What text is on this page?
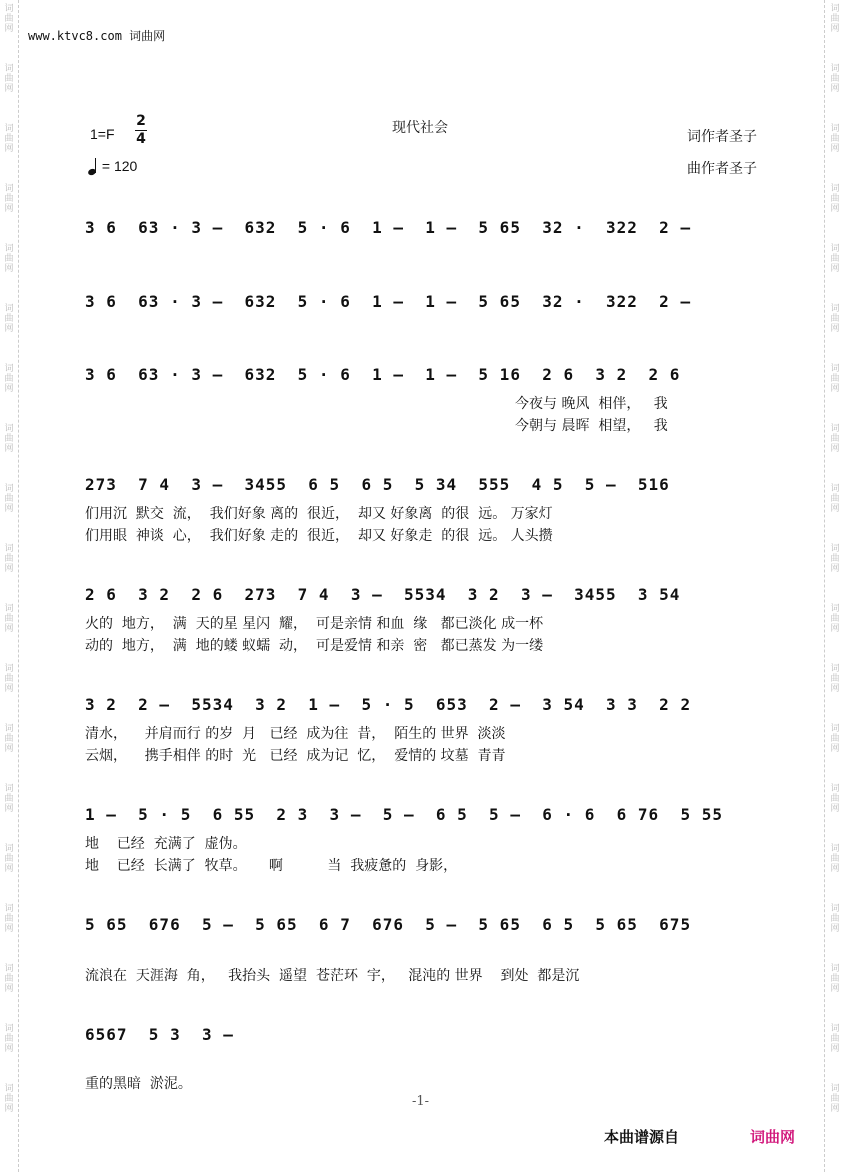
词
曲
网
词
曲
网
词
曲
网
词
曲
网
词
曲
网
词
曲
网
词
曲
网
词
曲
网
词
曲
网
词
曲
网
词
曲
网
词
曲
网
词
曲
网
词
曲
网
词
曲
网
词
曲
网
词
曲
网
词
曲
网
词
曲
网
词
曲
网
词
曲
网
词
曲
网
词
曲
网
词
曲
网
词
曲
网
词
曲
网
词
曲
网
词
曲
网
词
曲
网
词
曲
网
词
曲
网
词
曲
网
词
曲
网
词
曲
网
词
曲
网
词
曲
网
词
曲
网
词
曲
网
www.ktvc8.com 词曲网
1=F
2
4
现代社会
词作者圣子
曲作者圣子
= 120
3 6  63 · 3 –  632  5 · 6  1 –  1 –  5 65  32 ·  322  2 –
3 6  63 · 3 –  632  5 · 6  1 –  1 –  5 65  32 ·  322  2 –
3 6  63 · 3 –  632  5 · 6  1 –  1 –  5 16  2 6  3 2  2 6
今夜与 晚风  相伴，   我
今朝与 晨晖  相望，   我
273  7 4  3 –  3455  6 5  6 5  5 34  555  4 5  5 –  516
们用沉  默交  流，  我们好象 离的  很近，  却又 好象离  的很  远。 万家灯
们用眼  神谈  心，  我们好象 走的  很近，  却又 好象走  的很  远。 人头攒
2 6  3 2  2 6  273  7 4  3 –  5534  3 2  3 –  3455  3 54
火的  地方，  满  天的星 星闪  耀，  可是亲情 和血  缘   都已淡化 成一杯
动的  地方，  满  地的蝼 蚁蠕  动，  可是爱情 和亲  密   都已蒸发 为一缕
3 2  2 –  5534  3 2  1 –  5 · 5  653  2 –  3 54  3 3  2 2
清水，    并肩而行 的岁  月   已经  成为往  昔，  陌生的 世界  淡淡
云烟，    携手相伴 的时  光   已经  成为记  忆，  爱情的 坟墓  青青
1 –  5 · 5  6 55  2 3  3 –  5 –  6 5  5 –  6 · 6  6 76  5 55
地    已经  充满了  虚伪。
地    已经  长满了  牧草。     啊          当  我疲惫的  身影，
5 65  676  5 –  5 65  6 7  676  5 –  5 65  6 5  5 65  675
流浪在  天涯海  角，   我抬头  遥望  苍茫环  宇，   混沌的 世界    到处  都是沉
6567  5 3  3 –
重的黑暗  淤泥。
-1-
本曲谱源自	词曲网
